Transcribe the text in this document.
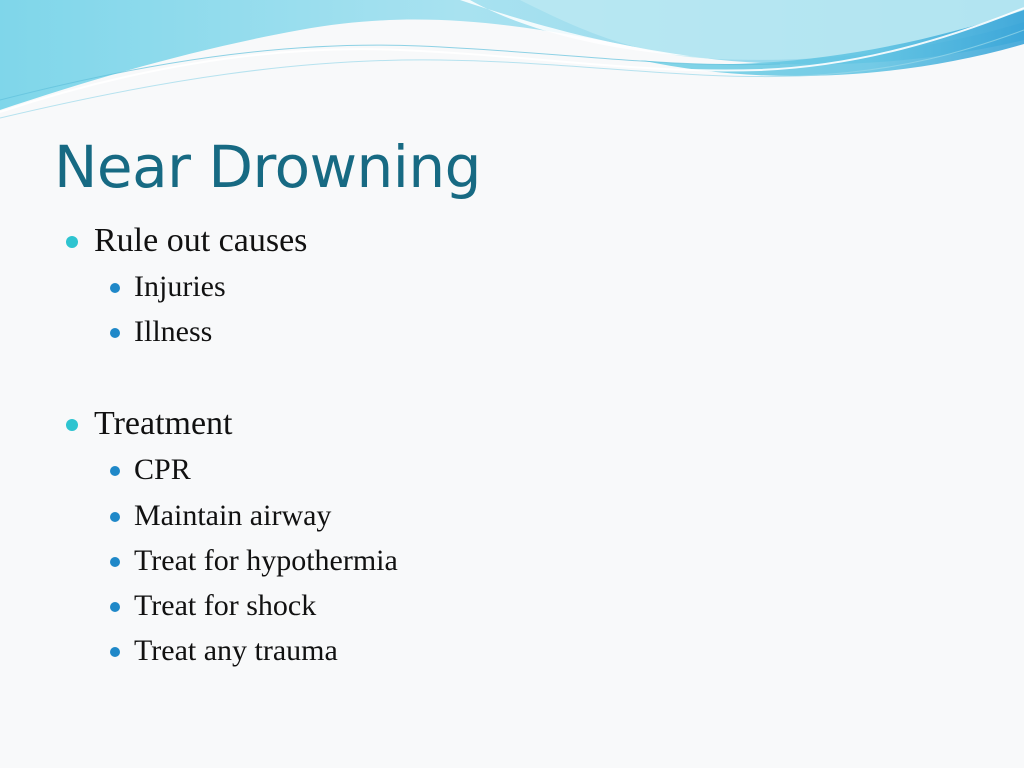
Near Drowning
Rule out causes
Injuries
Illness
Treatment
CPR
Maintain airway
Treat for hypothermia
Treat for shock
Treat any trauma
